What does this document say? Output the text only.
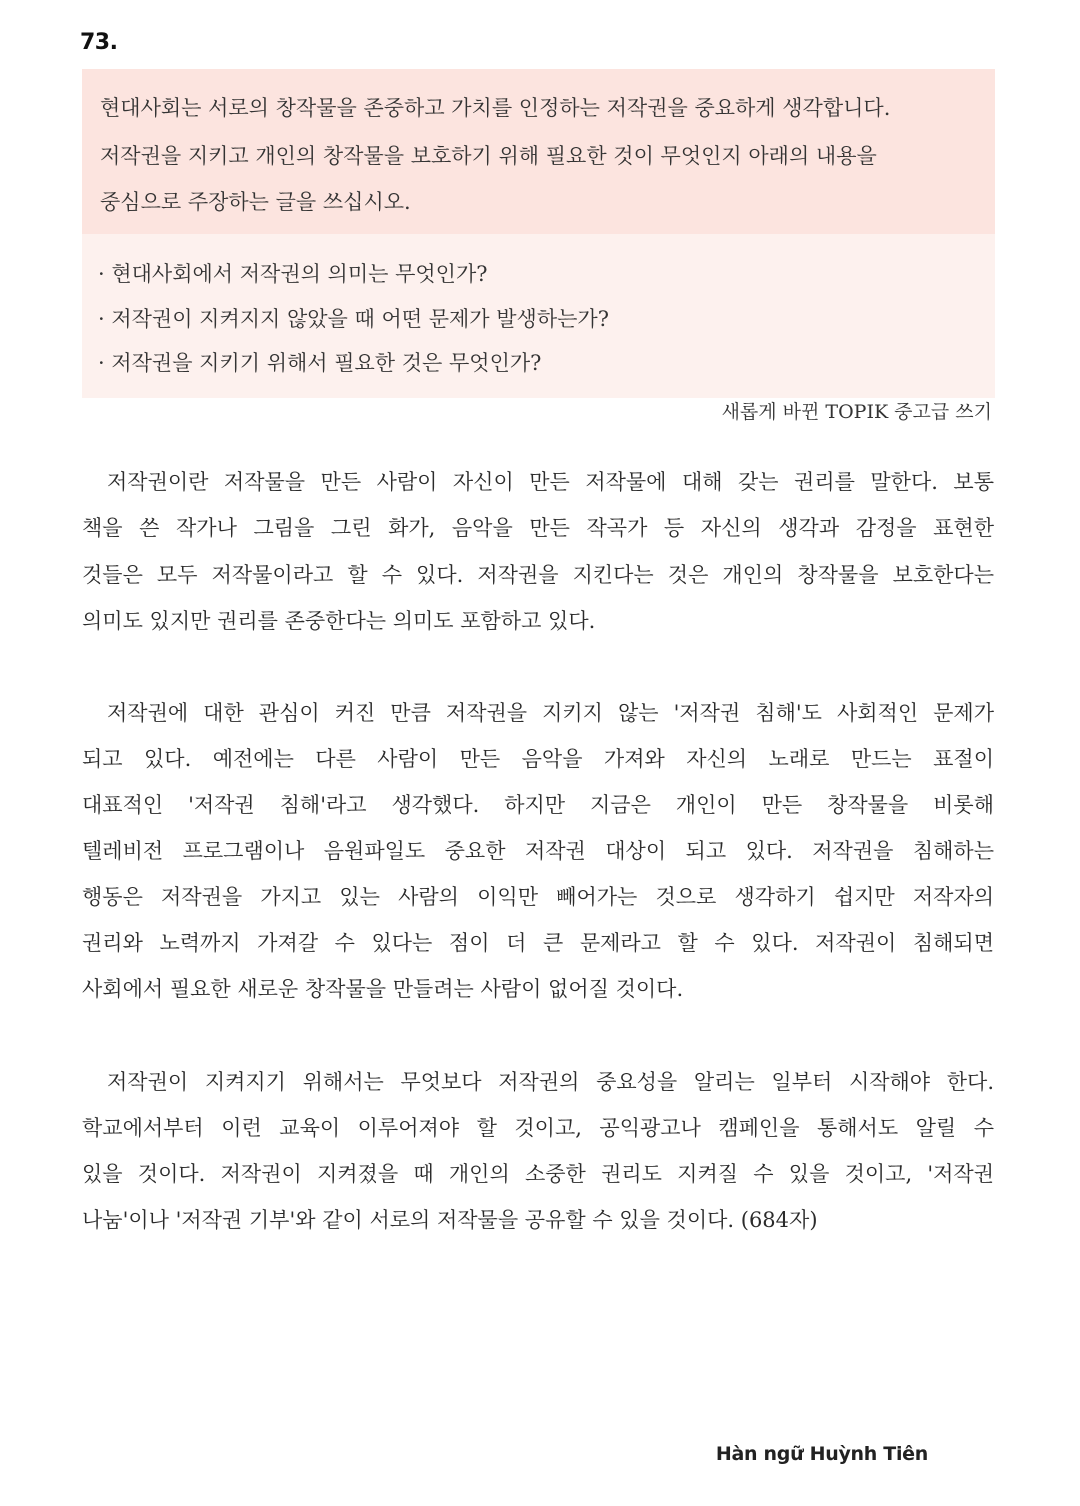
73.
현대사회는 서로의 창작물을 존중하고 가치를 인정하는 저작권을 중요하게 생각합니다.
저작권을 지키고 개인의 창작물을 보호하기 위해 필요한 것이 무엇인지 아래의 내용을
중심으로 주장하는 글을 쓰십시오.
· 현대사회에서 저작권의 의미는 무엇인가?
· 저작권이 지켜지지 않았을 때 어떤 문제가 발생하는가?
· 저작권을 지키기 위해서 필요한 것은 무엇인가?
새롭게 바뀐 TOPIK 중고급 쓰기
저작권이란 저작물을 만든 사람이 자신이 만든 저작물에 대해 갖는 권리를 말한다. 보통
책을 쓴 작가나 그림을 그린 화가, 음악을 만든 작곡가 등 자신의 생각과 감정을 표현한
것들은 모두 저작물이라고 할 수 있다. 저작권을 지킨다는 것은 개인의 창작물을 보호한다는
의미도 있지만 권리를 존중한다는 의미도 포함하고 있다.
저작권에 대한 관심이 커진 만큼 저작권을 지키지 않는 '저작권 침해'도 사회적인 문제가
되고 있다. 예전에는 다른 사람이 만든 음악을 가져와 자신의 노래로 만드는 표절이
대표적인 '저작권 침해'라고 생각했다. 하지만 지금은 개인이 만든 창작물을 비롯해
텔레비전 프로그램이나 음원파일도 중요한 저작권 대상이 되고 있다. 저작권을 침해하는
행동은 저작권을 가지고 있는 사람의 이익만 빼어가는 것으로 생각하기 쉽지만 저작자의
권리와 노력까지 가져갈 수 있다는 점이 더 큰 문제라고 할 수 있다. 저작권이 침해되면
사회에서 필요한 새로운 창작물을 만들려는 사람이 없어질 것이다.
저작권이 지켜지기 위해서는 무엇보다 저작권의 중요성을 알리는 일부터 시작해야 한다.
학교에서부터 이런 교육이 이루어져야 할 것이고, 공익광고나 캠페인을 통해서도 알릴 수
있을 것이다. 저작권이 지켜졌을 때 개인의 소중한 권리도 지켜질 수 있을 것이고, '저작권
나눔'이나 '저작권 기부'와 같이 서로의 저작물을 공유할 수 있을 것이다. (684자)
Hàn ngữ Huỳnh Tiên
